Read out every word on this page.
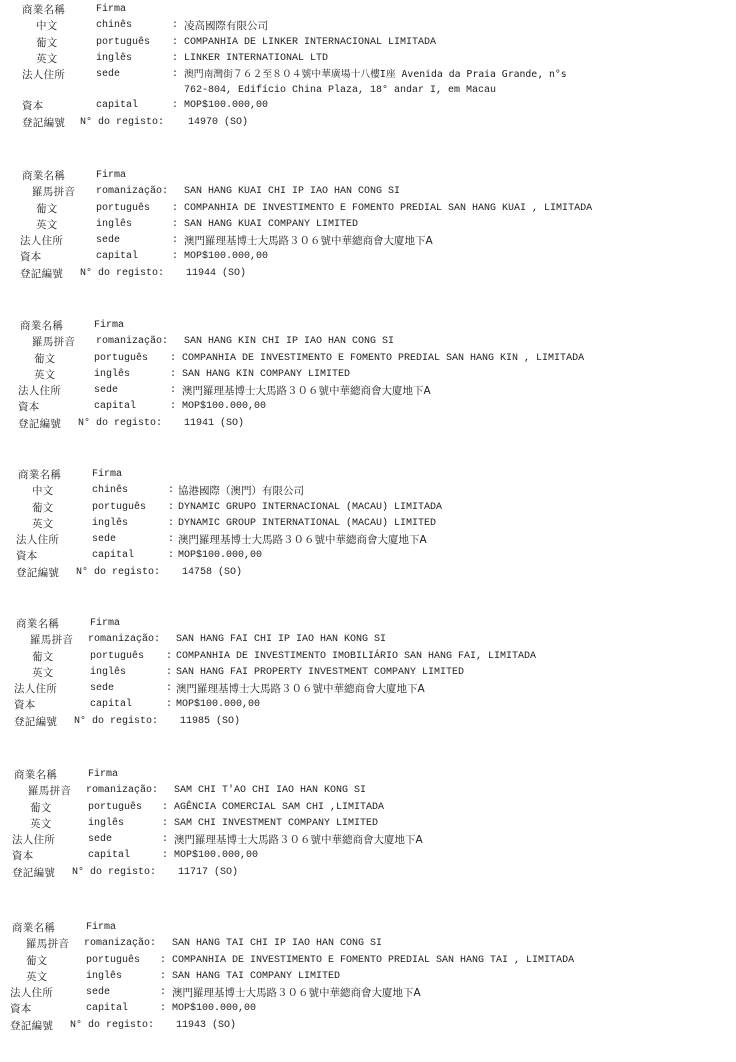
商業名稱	Firma
中文	chinês	: 凌高國際有限公司
葡文	português : COMPANHIA DE LINKER INTERNACIONAL LIMITADA
英文	inglês	: LINKER INTERNATIONAL LTD
法人住所	sede	: 澳門南灣街７６２至８０４號中華廣場十八樓I座 Avenida da Praia Grande, n°s
762-804, Edifício China Plaza, 18° andar I, em Macau
資本	capital	: MOP$100.000,00
登記編號 N° do registo: 14970 (SO)
商業名稱	Firma
羅馬拼音 romanização: SAN HANG KUAI CHI IP IAO HAN CONG SI
葡文	português : COMPANHIA DE INVESTIMENTO E FOMENTO PREDIAL SAN HANG KUAI , LIMITADA
英文	inglês	: SAN HANG KUAI COMPANY LIMITED
法人住所	sede	: 澳門羅理基博士大馬路３０６號中華總商會大廈地下A
資本	capital	: MOP$100.000,00
登記編號 N° do registo: 11944 (SO)
商業名稱	Firma
羅馬拼音 romanização: SAN HANG KIN CHI IP IAO HAN CONG SI
葡文	português : COMPANHIA DE INVESTIMENTO E FOMENTO PREDIAL SAN HANG KIN , LIMITADA
英文	inglês	: SAN HANG KIN COMPANY LIMITED
法人住所	sede	: 澳門羅理基博士大馬路３０６號中華總商會大廈地下A
資本	capital	: MOP$100.000,00
登記編號 N° do registo: 11941 (SO)
商業名稱	Firma
中文	chinês	: 協港國際（澳門）有限公司
葡文	português : DYNAMIC GRUPO INTERNACIONAL (MACAU) LIMITADA
英文	inglês	: DYNAMIC GROUP INTERNATIONAL (MACAU) LIMITED
法人住所	sede	: 澳門羅理基博士大馬路３０６號中華總商會大廈地下A
資本	capital	: MOP$100.000,00
登記編號 N° do registo: 14758 (SO)
商業名稱	Firma
羅馬拼音 romanização: SAN HANG FAI CHI IP IAO HAN KONG SI
葡文	português : COMPANHIA DE INVESTIMENTO IMOBILIÁRIO SAN HANG FAI, LIMITADA
英文	inglês	: SAN HANG FAI PROPERTY INVESTMENT COMPANY LIMITED
法人住所	sede	: 澳門羅理基博士大馬路３０６號中華總商會大廈地下A
資本	capital	: MOP$100.000,00
登記編號 N° do registo: 11985 (SO)
商業名稱	Firma
羅馬拼音 romanização: SAM CHI T'AO CHI IAO HAN KONG SI
葡文	português : AGÊNCIA COMERCIAL SAM CHI ,LIMITADA
英文	inglês	: SAM CHI INVESTMENT COMPANY LIMITED
法人住所	sede	: 澳門羅理基博士大馬路３０６號中華總商會大廈地下A
資本	capital	: MOP$100.000,00
登記編號 N° do registo: 11717 (SO)
商業名稱	Firma
羅馬拼音 romanização: SAN HANG TAI CHI IP IAO HAN CONG SI
葡文	português : COMPANHIA DE INVESTIMENTO E FOMENTO PREDIAL SAN HANG TAI , LIMITADA
英文	inglês	: SAN HANG TAI COMPANY LIMITED
法人住所	sede	: 澳門羅理基博士大馬路３０６號中華總商會大廈地下A
資本	capital	: MOP$100.000,00
登記編號 N° do registo: 11943 (SO)
